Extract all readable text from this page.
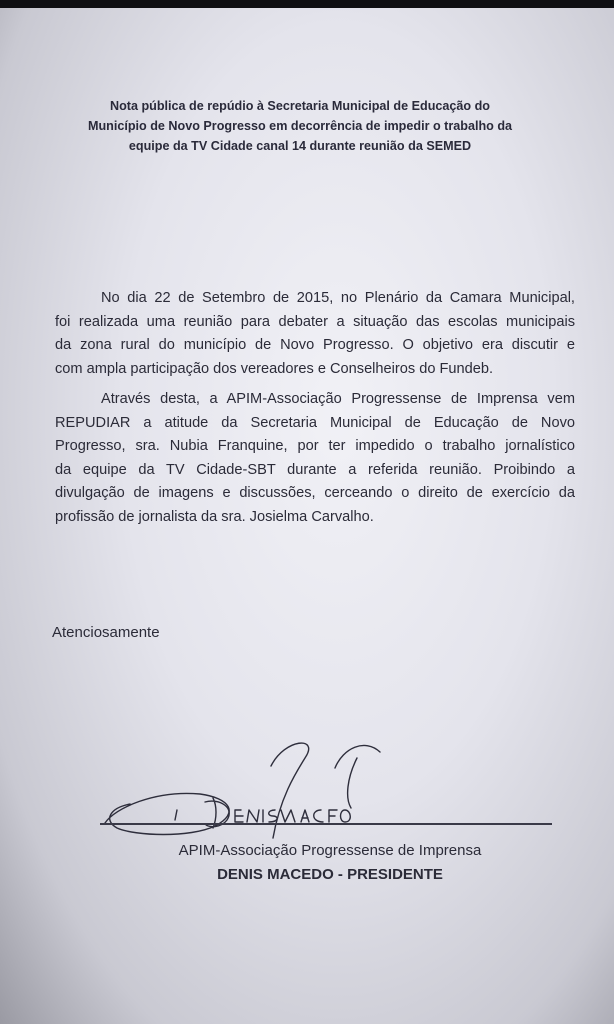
Nota pública de repúdio à Secretaria Municipal de Educação do
Município de Novo Progresso em decorrência de impedir o trabalho da
equipe da TV Cidade canal 14 durante reunião da SEMED
No dia 22 de Setembro de 2015, no Plenário da Camara Municipal,
foi realizada uma reunião para debater a situação das escolas municipais
da zona rural do município de Novo Progresso. O objetivo era discutir e
com ampla participação dos vereadores e Conselheiros do Fundeb.
Através desta, a APIM-Associação Progressense de Imprensa vem
REPUDIAR a atitude da Secretaria Municipal de Educação de Novo
Progresso, sra. Nubia Franquine, por ter impedido o trabalho jornalístico
da equipe da TV Cidade-SBT durante a referida reunião. Proibindo a
divulgação de imagens e discussões, cerceando o direito de exercício da
profissão de jornalista da sra. Josielma Carvalho.
Atenciosamente
APIM-Associação Progressense de Imprensa
DENIS MACEDO - PRESIDENTE
